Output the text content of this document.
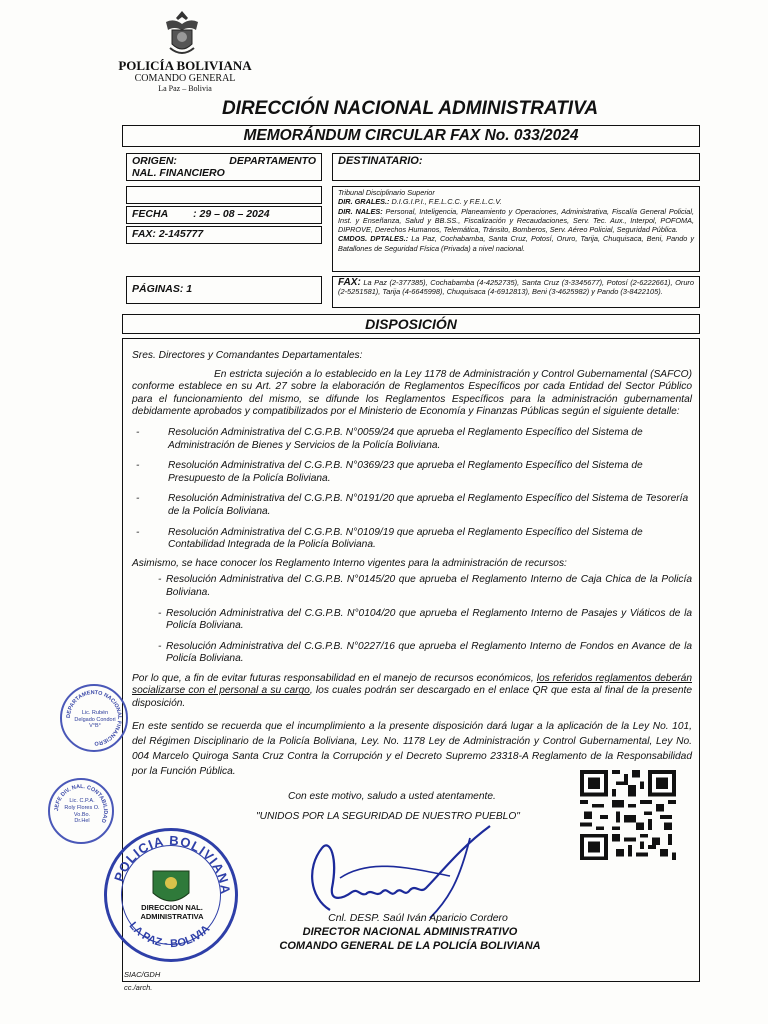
POLICÍA BOLIVIANA
COMANDO GENERAL
La Paz – Bolivia
DIRECCIÓN NACIONAL ADMINISTRATIVA
MEMORÁNDUM CIRCULAR FAX No. 033/2024
ORIGEN:	DEPARTAMENTO
NAL. FINANCIERO
DESTINATARIO:
FECHA : 29 – 08 – 2024
FAX: 2-145777
Tribunal Disciplinario Superior
DIR. GRALES.: D.I.G.I.P.I., F.E.L.C.C. y F.E.L.C.V.
DIR. NALES: Personal, Inteligencia, Planeamiento y Operaciones, Administrativa, Fiscalía General Policial, Inst. y Enseñanza, Salud y BB.SS., Fiscalización y Recaudaciones, Serv. Tec. Aux., Interpol, POFOMA, DIPROVE, Derechos Humanos, Telemática, Tránsito, Bomberos, Serv. Aéreo Policial, Seguridad Pública.
CMDOS. DPTALES.: La Paz, Cochabamba, Santa Cruz, Potosí, Oruro, Tarija, Chuquisaca, Beni, Pando y Batallones de Seguridad Física (Privada) a nivel nacional.
PÁGINAS: 1
FAX: La Paz (2-377385), Cochabamba (4-4252735), Santa Cruz (3-3345677), Potosí (2-6222661), Oruro (2-5251581), Tarija (4-6645998), Chuquisaca (4-6912813), Beni (3-4625982) y Pando (3-8422105).
DISPOSICIÓN
Sres. Directores y Comandantes Departamentales:
En estricta sujeción a lo establecido en la Ley 1178 de Administración y Control Gubernamental (SAFCO) conforme establece en su Art. 27 sobre la elaboración de Reglamentos Específicos por cada Entidad del Sector Público para el funcionamiento del mismo, se difunde los Reglamentos Específicos para la administración gubernamental debidamente aprobados y compatibilizados por el Ministerio de Economía y Finanzas Públicas según el siguiente detalle:
-	Resolución Administrativa del C.G.P.B. N°0059/24 que aprueba el Reglamento Específico del Sistema de Administración de Bienes y Servicios de la Policía Boliviana.
-	Resolución Administrativa del C.G.P.B. N°0369/23 que aprueba el Reglamento Específico del Sistema de Presupuesto de la Policía Boliviana.
-	Resolución Administrativa del C.G.P.B. N°0191/20 que aprueba el Reglamento Específico del Sistema de Tesorería de la Policía Boliviana.
-	Resolución Administrativa del C.G.P.B. N°0109/19 que aprueba el Reglamento Específico del Sistema de Contabilidad Integrada de la Policía Boliviana.
Asimismo, se hace conocer los Reglamento Interno vigentes para la administración de recursos:
- Resolución Administrativa del C.G.P.B. N°0145/20 que aprueba el Reglamento Interno de Caja Chica de la Policía Boliviana.
- Resolución Administrativa del C.G.P.B. N°0104/20 que aprueba el Reglamento Interno de Pasajes y Viáticos de la Policía Boliviana.
- Resolución Administrativa del C.G.P.B. N°0227/16 que aprueba el Reglamento Interno de Fondos en Avance de la Policía Boliviana.
Por lo que, a fin de evitar futuras responsabilidad en el manejo de recursos económicos, los referidos reglamentos deberán socializarse con el personal a su cargo, los cuales podrán ser descargado en el enlace QR que esta al final de la presente disposición.
En este sentido se recuerda que el incumplimiento a la presente disposición dará lugar a la aplicación de la Ley No. 101, del Régimen Disciplinario de la Policía Boliviana, Ley. No. 1178 Ley de Administración y Control Gubernamental, Ley No. 004 Marcelo Quiroga Santa Cruz Contra la Corrupción y el Decreto Supremo 23318-A Reglamento de la Responsabilidad por la Función Pública.
Con este motivo, saludo a usted atentamente.
"UNIDOS POR LA SEGURIDAD DE NUESTRO PUEBLO"
Cnl. DESP. Saúl Iván Aparicio Cordero
DIRECTOR NACIONAL ADMINISTRATIVO
COMANDO GENERAL DE LA POLICÍA BOLIVIANA
DEPARTAMENTO NACIONAL FINANCIERO
Lic. Rubén
Delgado Condori
V°B°
JEFE DIV. NAL. CONTABILIDAD
Lic. C.P.A.
Roly Flores O.
Vo.Bo.
Dr.Hel
POLICIA BOLIVIANA
LA PAZ - BOLIVIA
DIRECCION NAL.
ADMINISTRATIVA
SIAC/GDH
cc./arch.
